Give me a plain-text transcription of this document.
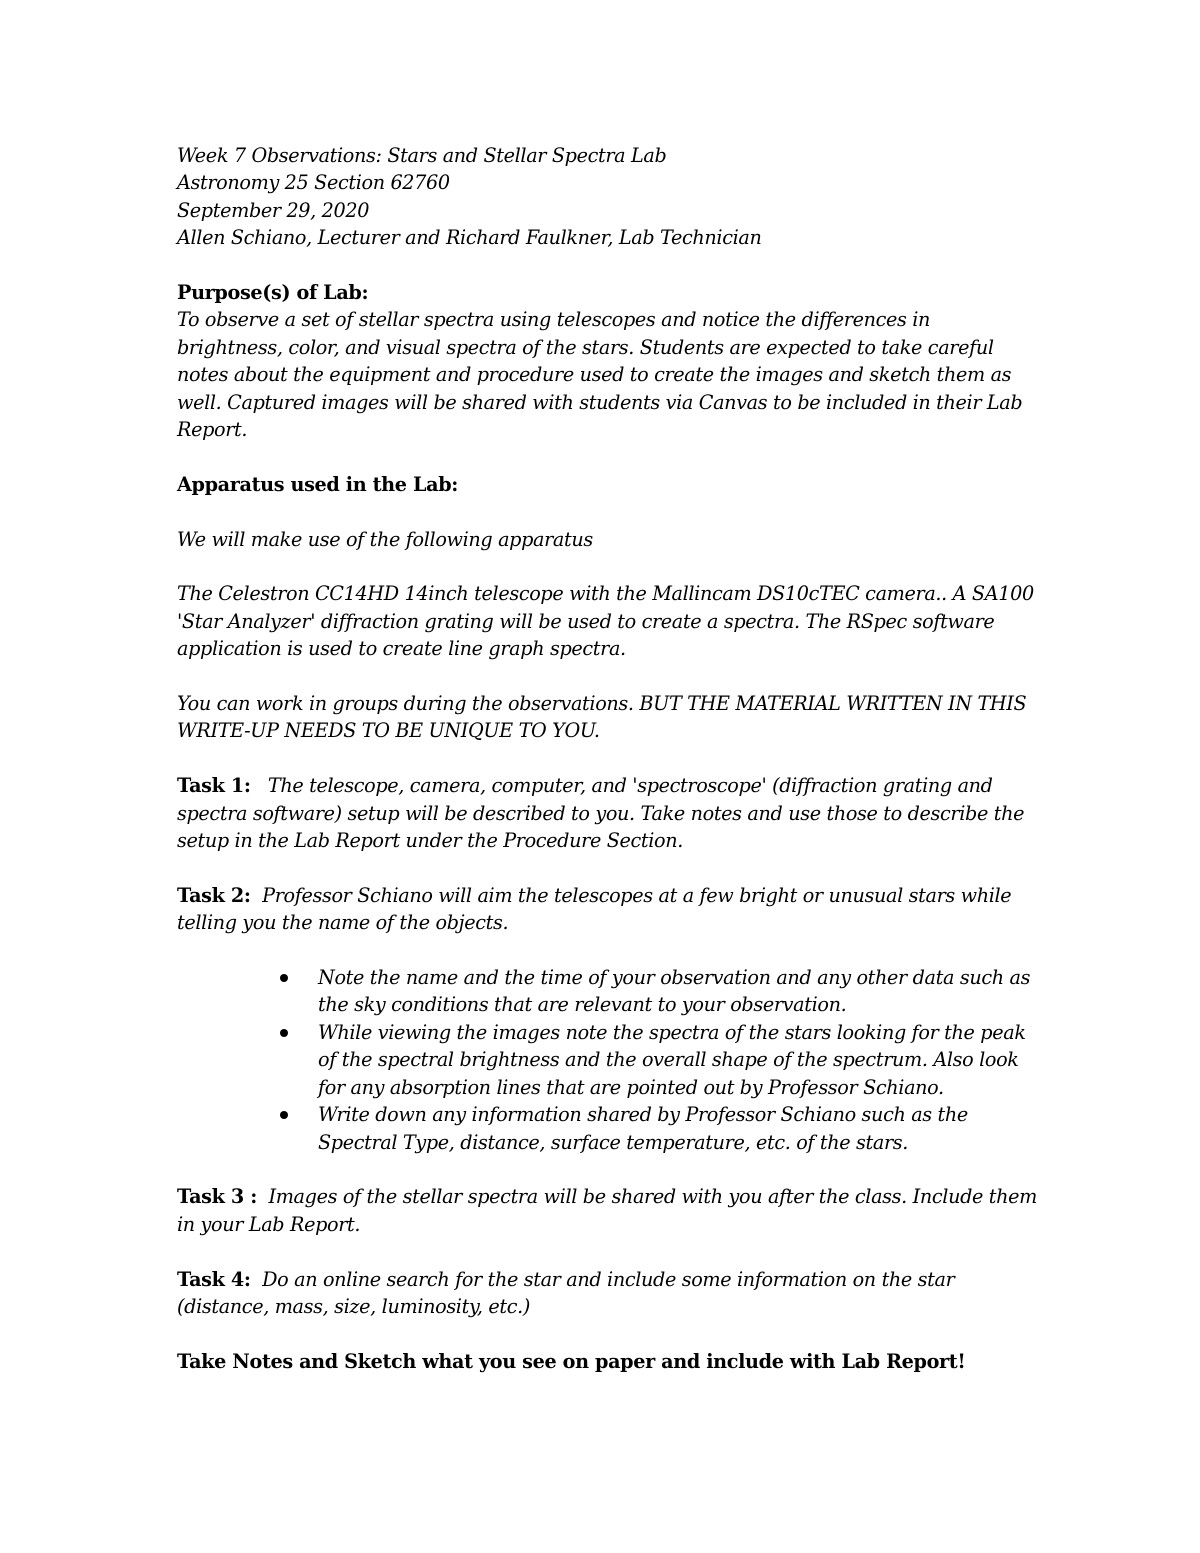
Week 7 Observations: Stars and Stellar Spectra Lab
Astronomy 25 Section 62760
September 29, 2020
Allen Schiano, Lecturer and Richard Faulkner, Lab Technician

Purpose(s) of Lab:

To observe a set of stellar spectra using telescopes and notice the differences in brightness, color, and visual spectra of the stars. Students are expected to take careful notes about the equipment and procedure used to create the images and sketch them as well. Captured images will be shared with students via Canvas to be included in their Lab Report.

Apparatus used in the Lab:

We will make use of the following apparatus

The Celestron CC14HD 14inch telescope with the Mallincam DS10cTEC camera.. A SA100 'Star Analyzer' diffraction grating will be used to create a spectra. The RSpec software application is used to create line graph spectra.

You can work in groups during the observations. BUT THE MATERIAL WRITTEN IN THIS WRITE-UP NEEDS TO BE UNIQUE TO YOU.

Task 1: The telescope, camera, computer, and 'spectroscope' (diffraction grating and spectra software) setup will be described to you. Take notes and use those to describe the setup in the Lab Report under the Procedure Section.

Task 2: Professor Schiano will aim the telescopes at a few bright or unusual stars while telling you the name of the objects.

Note the name and the time of your observation and any other data such as the sky conditions that are relevant to your observation.
While viewing the images note the spectra of the stars looking for the peak of the spectral brightness and the overall shape of the spectrum. Also look for any absorption lines that are pointed out by Professor Schiano.
Write down any information shared by Professor Schiano such as the Spectral Type, distance, surface temperature, etc. of the stars.

Task 3 : Images of the stellar spectra will be shared with you after the class. Include them in your Lab Report.

Task 4: Do an online search for the star and include some information on the star (distance, mass, size, luminosity, etc.)

Take Notes and Sketch what you see on paper and include with Lab Report!
